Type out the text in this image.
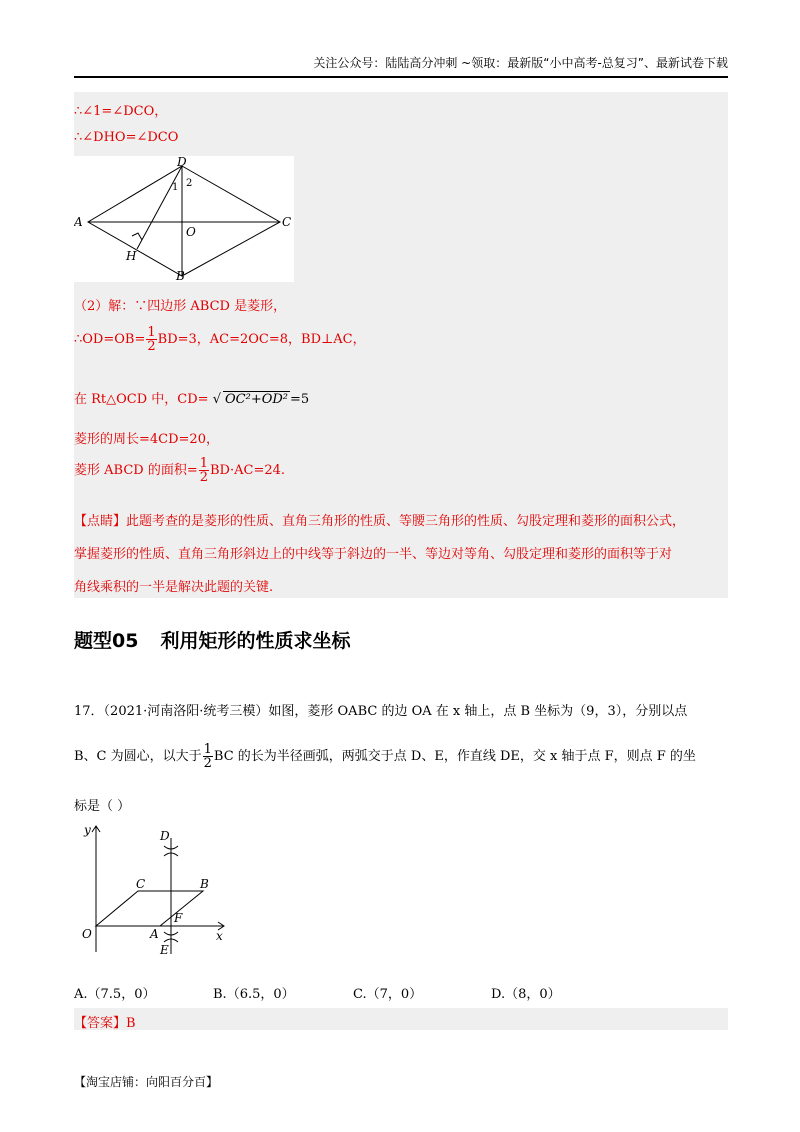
关注公众号：陆陆高分冲刺 ~领取：最新版“小中高考-总复习”、最新试卷下载
∴∠1=∠DCO，
∴∠DHO=∠DCO
D
A	C
B
O
H
1 2
（2）解：∵四边形 ABCD 是菱形，
∴OD=OB= $\frac{1}{2} BD=3$，AC=2OC=8，BD⊥AC，
在 Rt△OCD 中，CD= √ OC²+OD² =5
菱形的周长=4CD=20，
菱形 ABCD 的面积= $\frac{1}{2} BD\cdot AC=24$.
【点睛】此题考查的是菱形的性质、直角三角形的性质、等腰三角形的性质、勾股定理和菱形的面积公式，
掌握菱形的性质、直角三角形斜边上的中线等于斜边的一半、等边对等角、勾股定理和菱形的面积等于对
角线乘积的一半是解决此题的关键.
题型05 利用矩形的性质求坐标
17．（2021·河南洛阳·统考三模）如图，菱形 OABC 的边 OA 在 x 轴上，点 B 坐标为（9，3），分别以点
B、C 为圆心，以大于 $\frac{1}{2}$ BC 的长为半径画弧，两弧交于点 D、E，作直线 DE，交 x 轴于点 F，则点 F 的坐
标是（ ）
y
x
O	A
B
C
D
E
F
A.（7.5，0）	B.（6.5，0）	C.（7，0）	D.（8，0）
【答案】B
【淘宝店铺：向阳百分百】
